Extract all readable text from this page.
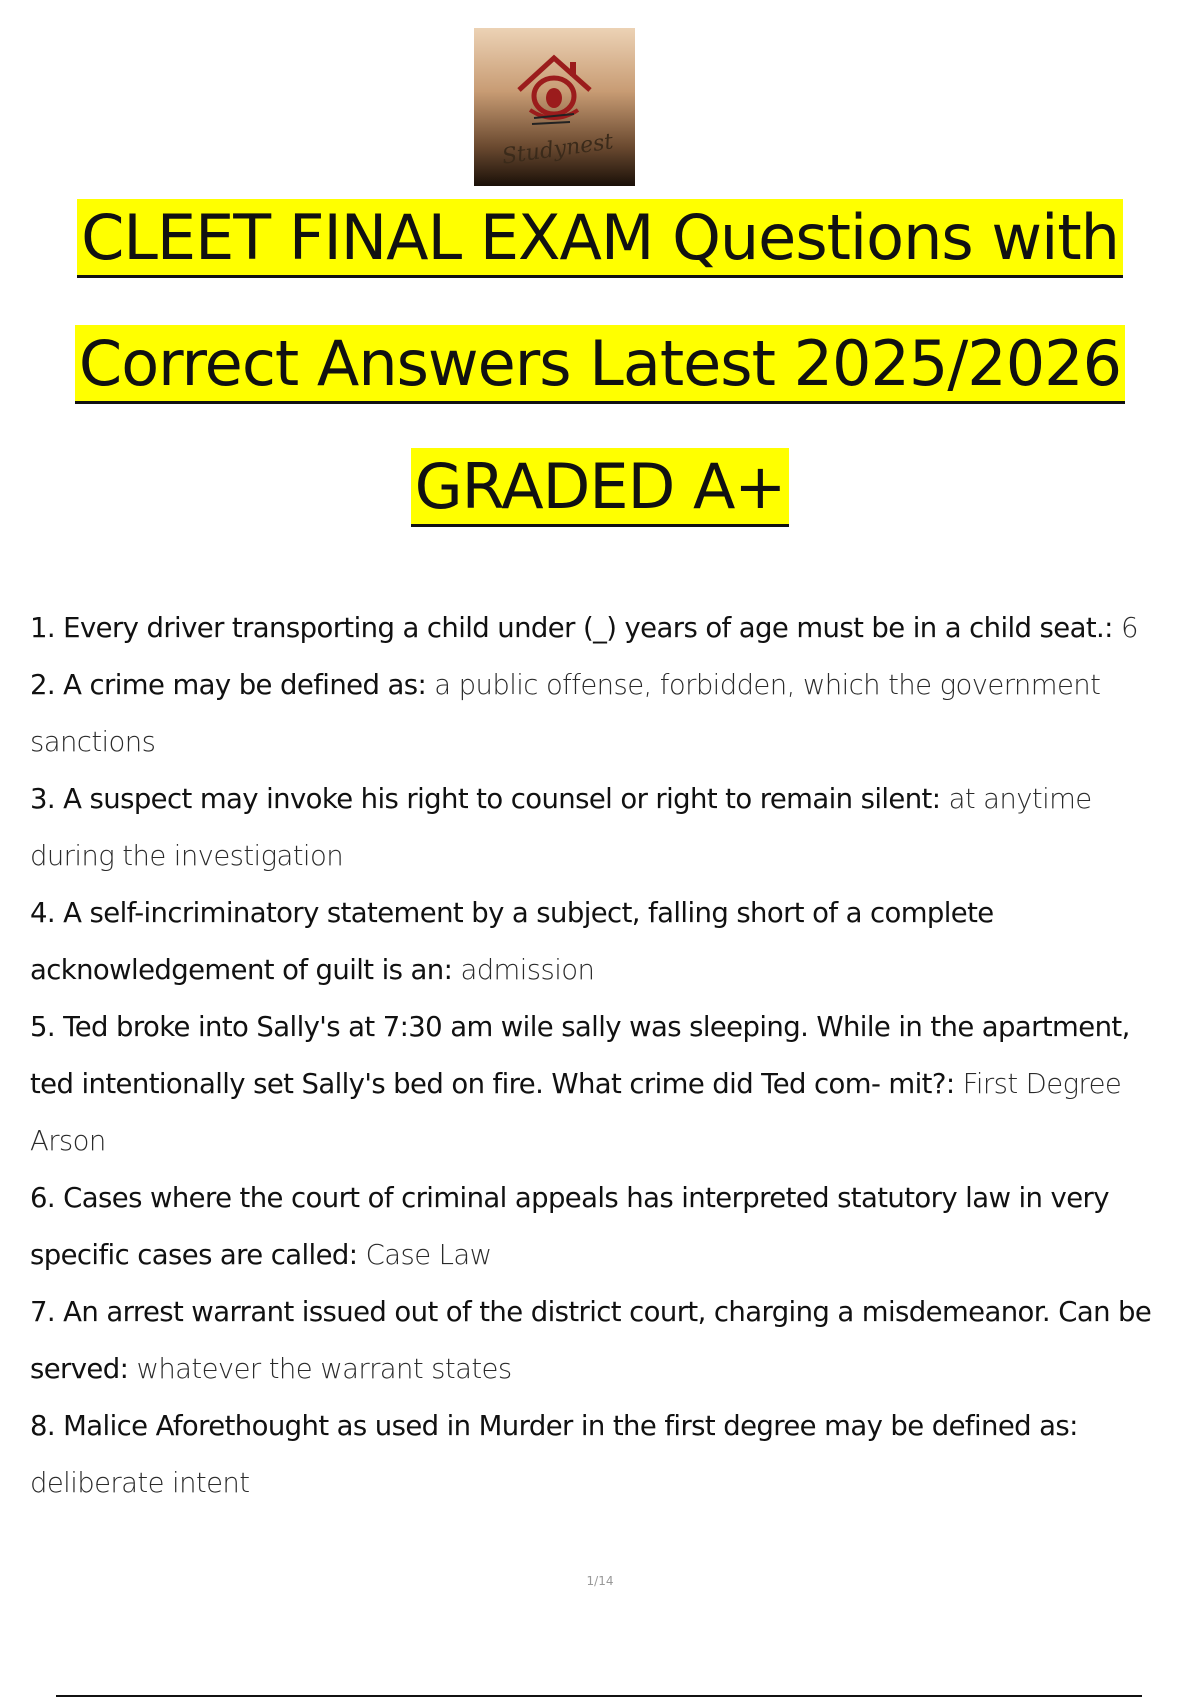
Studynest
CLEET FINAL EXAM Questions with
Correct Answers Latest 2025/2026
GRADED A+

1. Every driver transporting a child under (_) years of age must be in a child seat.: 6

2. A crime may be defined as: a public offense, forbidden, which the government sanctions

3. A suspect may invoke his right to counsel or right to remain silent: at anytime during the investigation

4. A self-incriminatory statement by a subject, falling short of a complete acknowledgement of guilt is an: admission

5. Ted broke into Sally's at 7:30 am wile sally was sleeping. While in the apartment, ted intentionally set Sally's bed on fire. What crime did Ted com- mit?: First Degree Arson

6. Cases where the court of criminal appeals has interpreted statutory law in very specific cases are called: Case Law

7. An arrest warrant issued out of the district court, charging a misdemeanor. Can be served: whatever the warrant states

8. Malice Aforethought as used in Murder in the first degree may be defined as: deliberate intent

1/14
